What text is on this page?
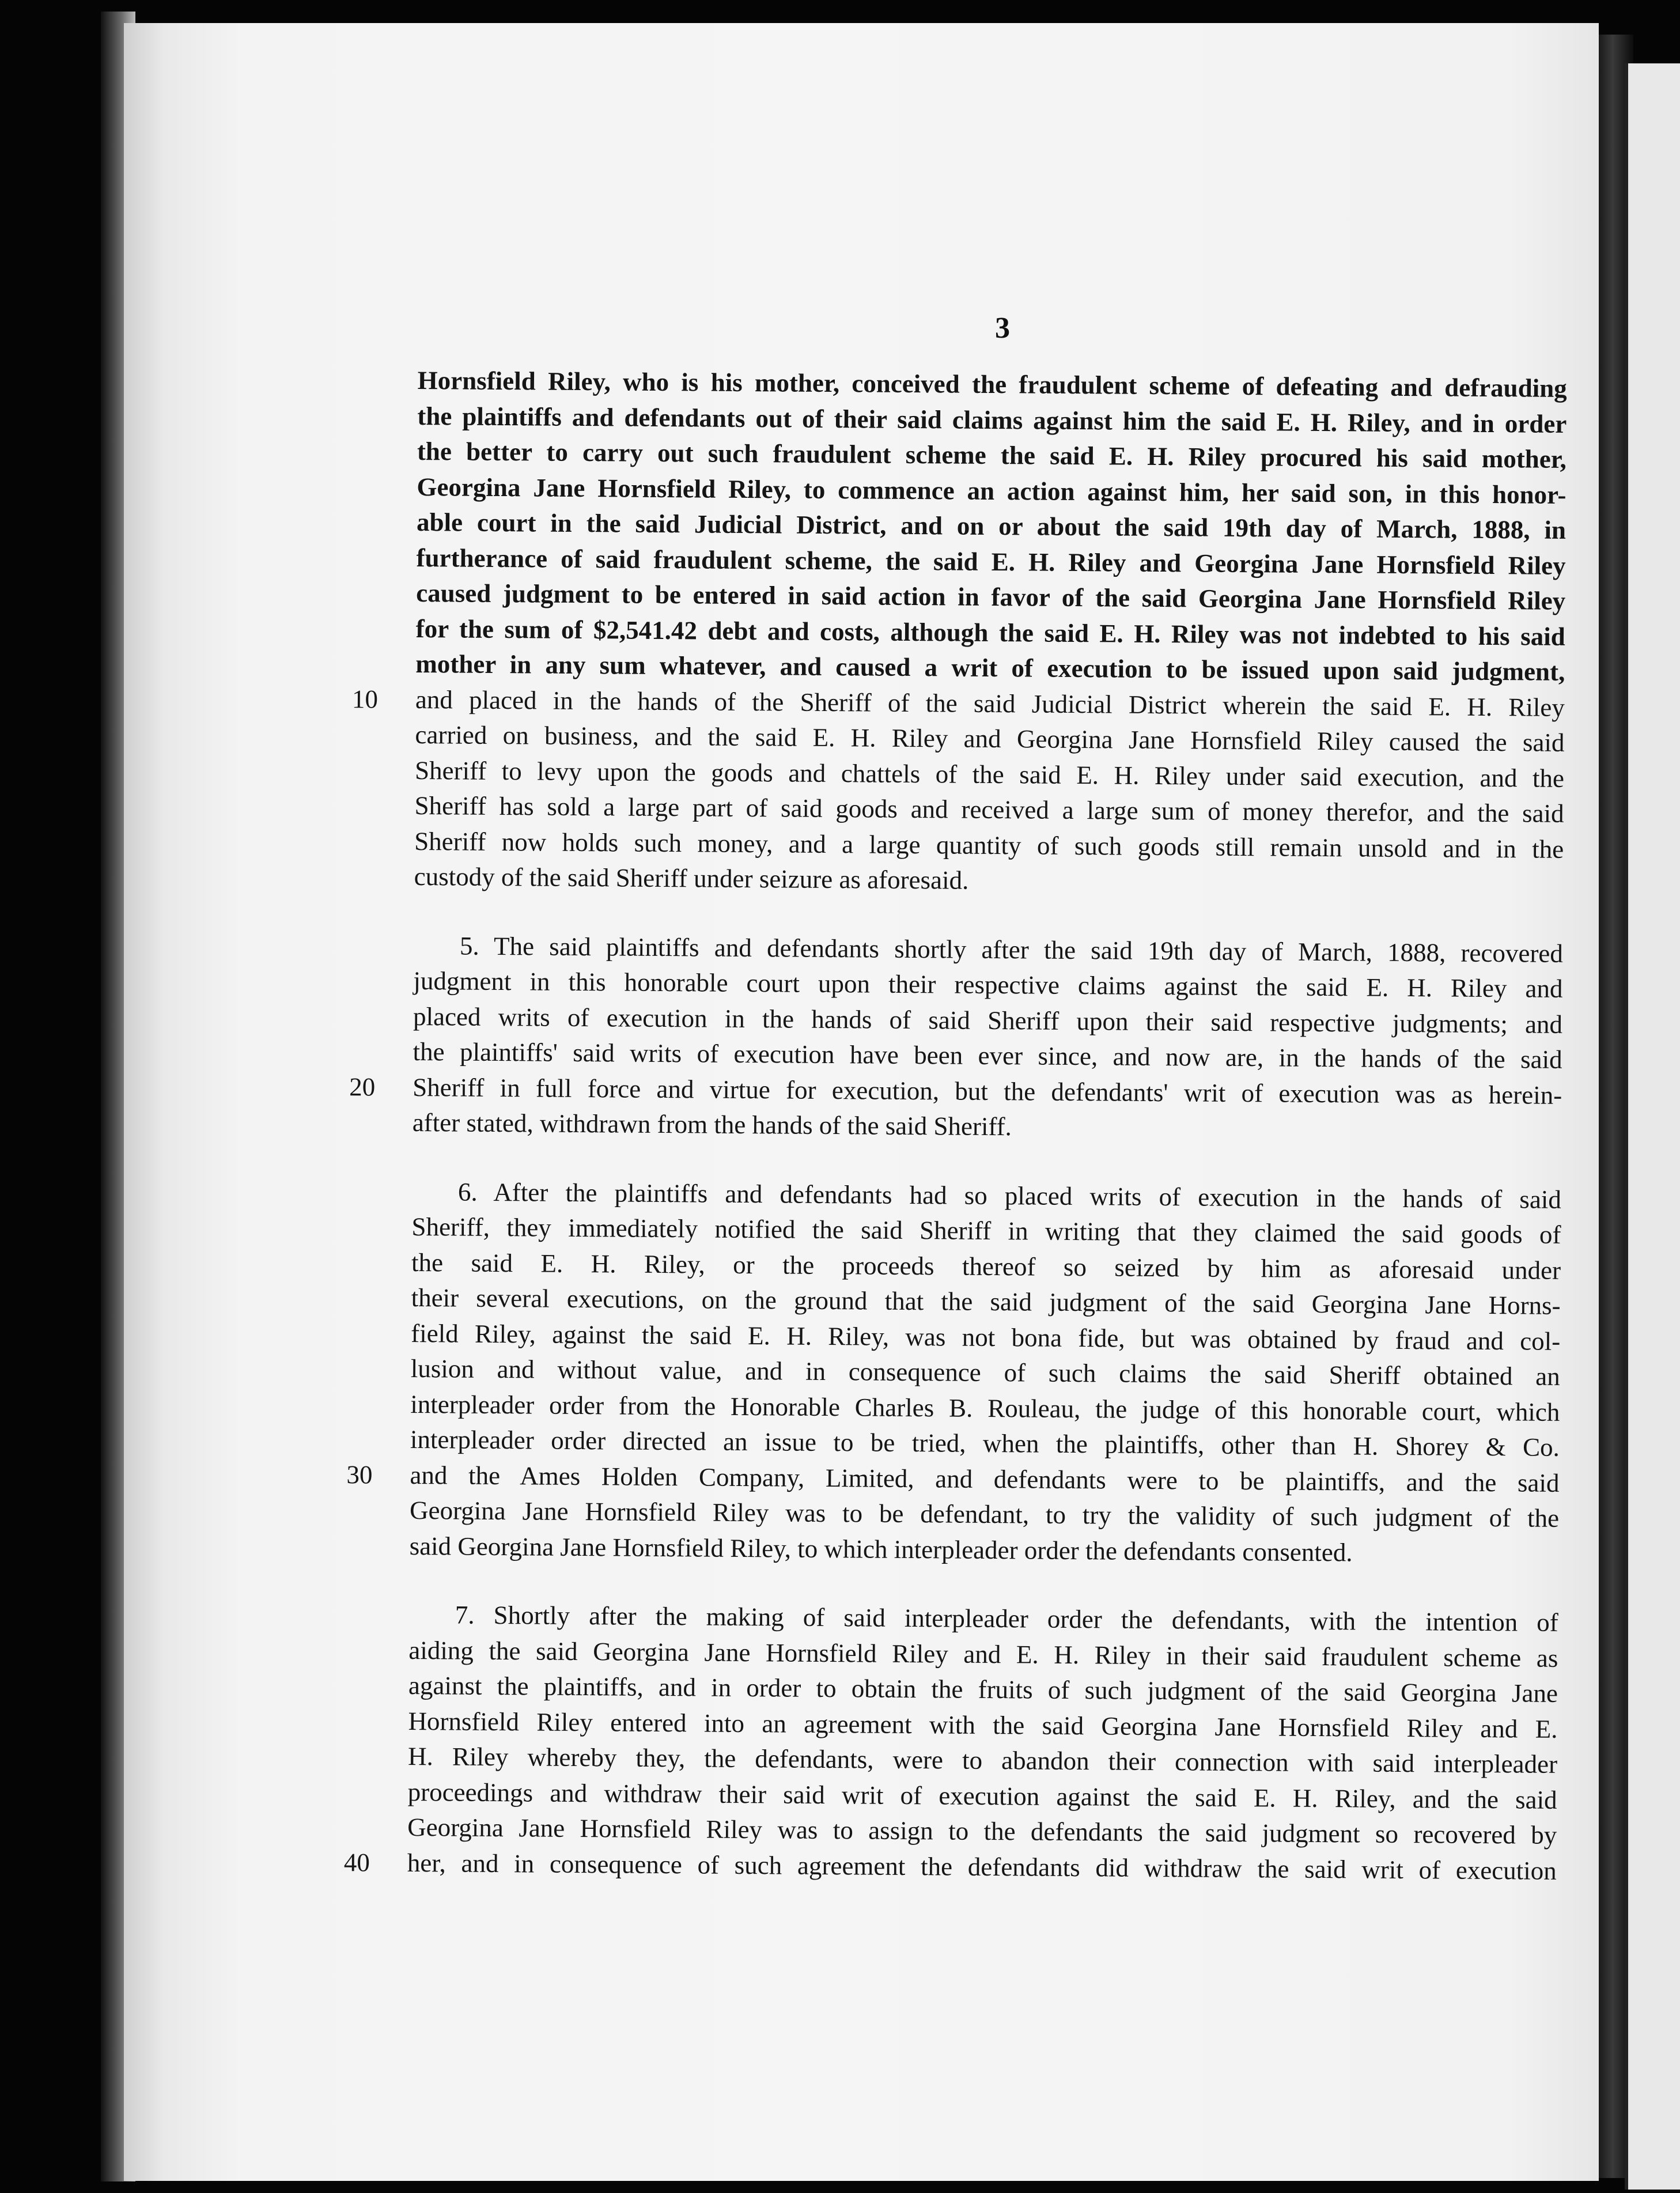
3
Hornsfield Riley, who is his mother, conceived the fraudulent scheme of defeating and defrauding
the plaintiffs and defendants out of their said claims against him the said E. H. Riley, and in order
the better to carry out such fraudulent scheme the said E. H. Riley procured his said mother,
Georgina Jane Hornsfield Riley, to commence an action against him, her said son, in this honor-
able court in the said Judicial District, and on or about the said 19th day of March, 1888, in
furtherance of said fraudulent scheme, the said E. H. Riley and Georgina Jane Hornsfield Riley
caused judgment to be entered in said action in favor of the said Georgina Jane Hornsfield Riley
for the sum of $2,541.42 debt and costs, although the said E. H. Riley was not indebted to his said
mother in any sum whatever, and caused a writ of execution to be issued upon said judgment,
10	and placed in the hands of the Sheriff of the said Judicial District wherein the said E. H. Riley
carried on business, and the said E. H. Riley and Georgina Jane Hornsfield Riley caused the said
Sheriff to levy upon the goods and chattels of the said E. H. Riley under said execution, and the
Sheriff has sold a large part of said goods and received a large sum of money therefor, and the said
Sheriff now holds such money, and a large quantity of such goods still remain unsold and in the
custody of the said Sheriff under seizure as aforesaid.
5. The said plaintiffs and defendants shortly after the said 19th day of March, 1888, recovered
judgment in this honorable court upon their respective claims against the said E. H. Riley and
placed writs of execution in the hands of said Sheriff upon their said respective judgments; and
the plaintiffs' said writs of execution have been ever since, and now are, in the hands of the said
20	Sheriff in full force and virtue for execution, but the defendants' writ of execution was as herein-
after stated, withdrawn from the hands of the said Sheriff.
6. After the plaintiffs and defendants had so placed writs of execution in the hands of said
Sheriff, they immediately notified the said Sheriff in writing that they claimed the said goods of
the said E. H. Riley, or the proceeds thereof so seized by him as aforesaid under
their several executions, on the ground that the said judgment of the said Georgina Jane Horns-
field Riley, against the said E. H. Riley, was not bona fide, but was obtained by fraud and col-
lusion and without value, and in consequence of such claims the said Sheriff obtained an
interpleader order from the Honorable Charles B. Rouleau, the judge of this honorable court, which
interpleader order directed an issue to be tried, when the plaintiffs, other than H. Shorey & Co.
30	and the Ames Holden Company, Limited, and defendants were to be plaintiffs, and the said
Georgina Jane Hornsfield Riley was to be defendant, to try the validity of such judgment of the
said Georgina Jane Hornsfield Riley, to which interpleader order the defendants consented.
7. Shortly after the making of said interpleader order the defendants, with the intention of
aiding the said Georgina Jane Hornsfield Riley and E. H. Riley in their said fraudulent scheme as
against the plaintiffs, and in order to obtain the fruits of such judgment of the said Georgina Jane
Hornsfield Riley entered into an agreement with the said Georgina Jane Hornsfield Riley and E.
H. Riley whereby they, the defendants, were to abandon their connection with said interpleader
proceedings and withdraw their said writ of execution against the said E. H. Riley, and the said
Georgina Jane Hornsfield Riley was to assign to the defendants the said judgment so recovered by
40	her, and in consequence of such agreement the defendants did withdraw the said writ of execution
